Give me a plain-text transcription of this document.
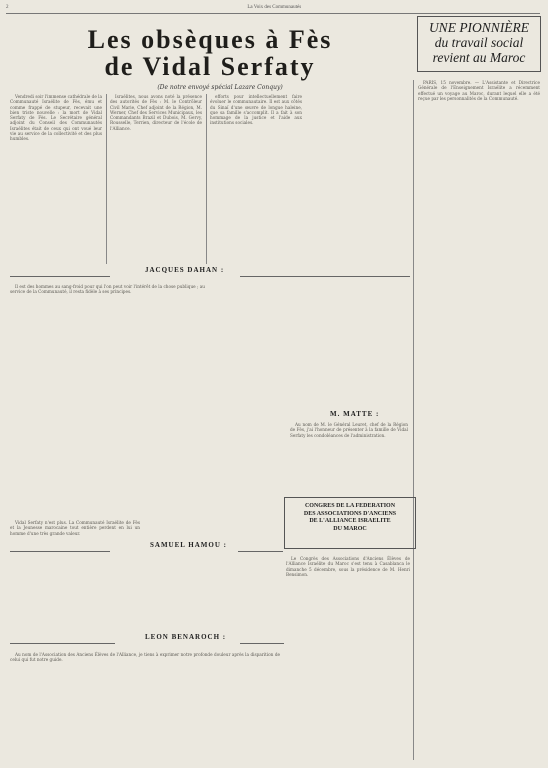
2	La Voix des Communautés
Les obsèques à Fès
de Vidal Serfaty
(De notre envoyé spécial Lazare Conquy)
UNE PIONNIÈRE
du travail social
revient au Maroc

Vendredi soir l'immense cathédrale de la Communauté Israélite de Fès, ému et comme frappé de stupeur, recevait une bien triste nouvelle : la mort de Vidal Serfaty de Fès. Le Secrétaire général adjoint du Conseil des Communautés Israélites était de ceux qui ont voué leur vie au service de la collectivité et des plus humbles.

Israélites, nous avons noté la présence des autorités de Fès : M. le Contrôleur Civil Marie, Chef adjoint de la Région, M. Werner, Chef des Services Municipaux, les Commandants Brazil et Dubois, M. Gervy, Rousselle, Terrien, directeur de l'école de l'Alliance.

efforts pour intellectuellement faire évoluer le communautaire. Il est aux côtés du Sinaï d'une œuvre de longue haleine, que sa famille s'accomplit. Il a fait à son hommage de la justice et l'aide aux institutions sociales.

PARIS, 15 novembre. — L'Assistante et Directrice Générale de l'Enseignement Israélite a récemment effectué un voyage au Maroc, durant lequel elle a été reçue par les personnalités de la Communauté.

JACQUES DAHAN :

Il est des hommes au sang-froid pour qui l'on peut voir l'intérêt de la chose publique ; au service de la Communauté, il resta fidèle à ses principes.

SAMUEL HAMOU :

Vidal Serfaty n'est plus. La Communauté Israélite de Fès et la Jeunesse marocaine tout entière perdent en lui un homme d'une très grande valeur.

LEON BENAROCH :

Au nom de l'Association des Anciens Élèves de l'Alliance, je tiens à exprimer notre profonde douleur après la disparition de celui qui fut notre guide.

M. MATTE :

Au nom de M. le Général Leuret, chef de la Région de Fès, j'ai l'honneur de présenter à la famille de Vidal Serfaty les condoléances de l'administration.

CONGRES DE LA FEDERATION
DES ASSOCIATIONS D'ANCIENS
DE L'ALLIANCE ISRAELITE
DU MAROC

Le Congrès des Associations d'Anciens Élèves de l'Alliance Israélite du Maroc s'est tenu à Casablanca le dimanche 5 décembre, sous la présidence de M. Henri Bensimon.
